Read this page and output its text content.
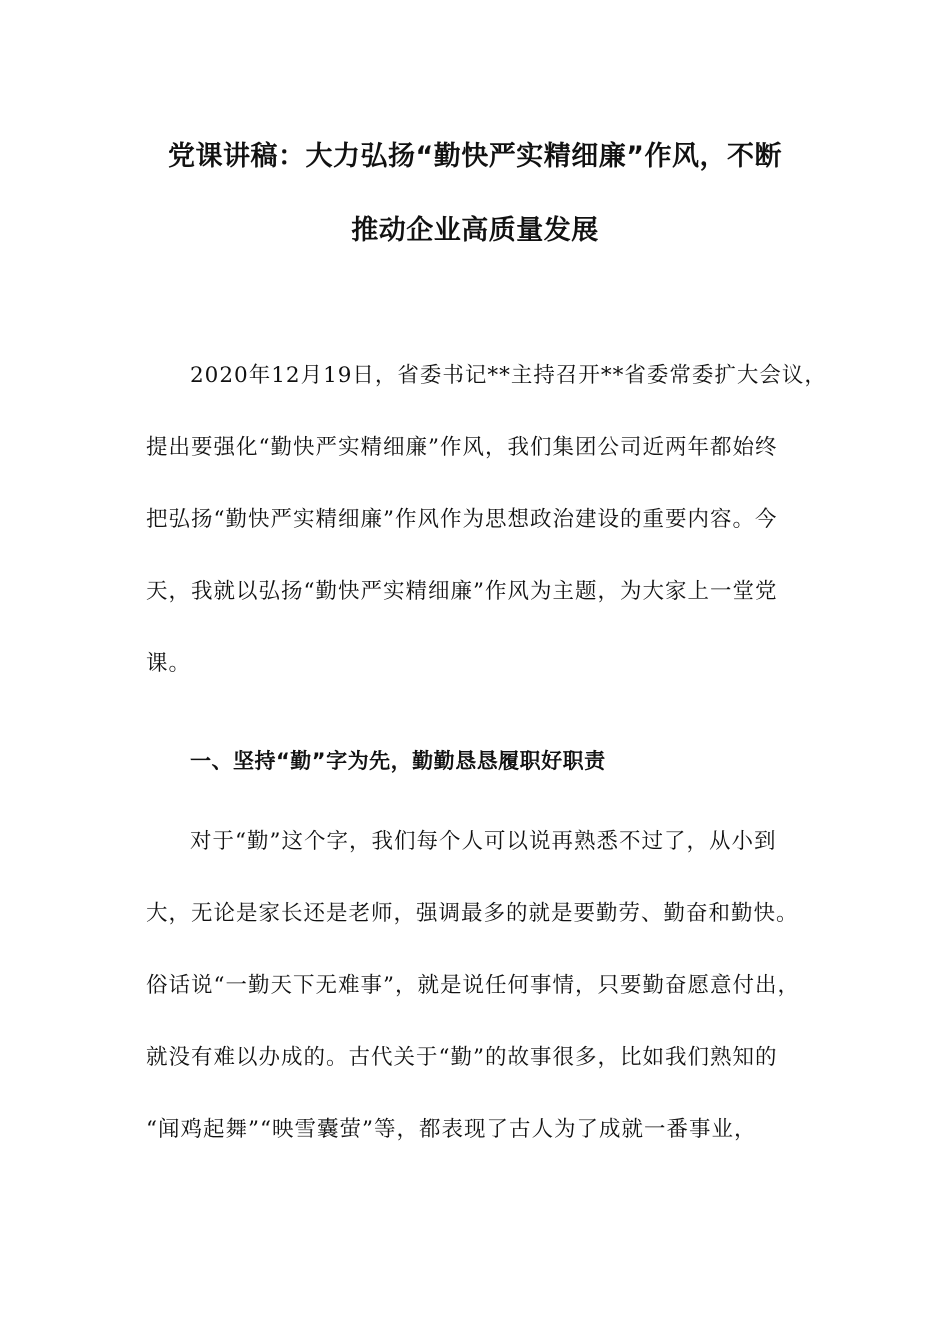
党课讲稿：大力弘扬“勤快严实精细廉”作风，不断
推动企业高质量发展
2020年12月19日，省委书记**主持召开**省委常委扩大会议，
提出要强化“勤快严实精细廉”作风，我们集团公司近两年都始终
把弘扬“勤快严实精细廉”作风作为思想政治建设的重要内容。今
天，我就以弘扬“勤快严实精细廉”作风为主题，为大家上一堂党
课。
一、坚持“勤”字为先，勤勤恳恳履职好职责
对于“勤”这个字，我们每个人可以说再熟悉不过了，从小到
大，无论是家长还是老师，强调最多的就是要勤劳、勤奋和勤快。
俗话说“一勤天下无难事”，就是说任何事情，只要勤奋愿意付出，
就没有难以办成的。古代关于“勤”的故事很多，比如我们熟知的
“闻鸡起舞”“映雪囊萤”等，都表现了古人为了成就一番事业，
